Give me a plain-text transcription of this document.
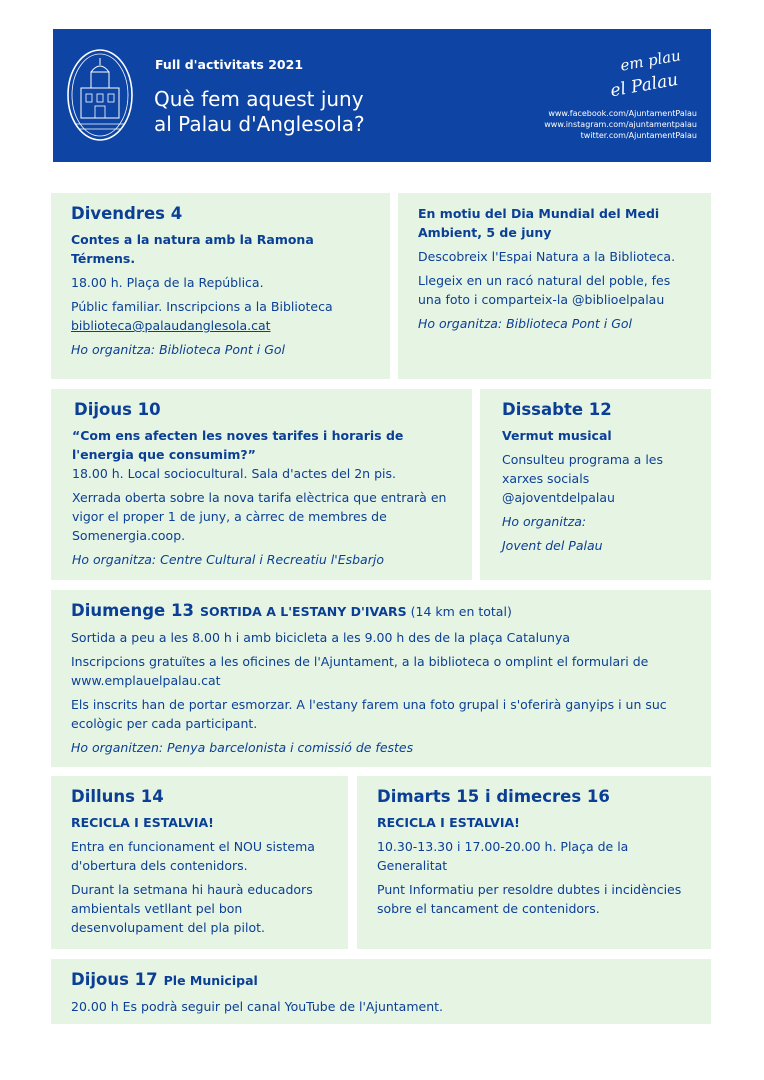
Full d'activitats 2021
Què fem aquest juny
al Palau d'Anglesola?
em plau
el Palau
www.facebook.com/AjuntamentPalau
www.instagram.com/ajuntamentpalau
twitter.com/AjuntamentPalau

Divendres 4

Contes a la natura amb la Ramona Térmens.

18.00 h. Plaça de la República.

Públic familiar. Inscripcions a la Biblioteca
biblioteca@palaudanglesola.cat

Ho organitza: Biblioteca Pont i Gol

En motiu del Dia Mundial del Medi Ambient, 5 de juny

Descobreix l'Espai Natura a la Biblioteca.

Llegeix en un racó natural del poble, fes una foto i comparteix-la @biblioelpalau

Ho organitza: Biblioteca Pont i Gol

Dijous 10

“Com ens afecten les noves tarifes i horaris de l'energia que consumim?”

18.00 h. Local sociocultural. Sala d'actes del 2n pis.

Xerrada oberta sobre la nova tarifa elèctrica que entrarà en vigor el proper 1 de juny, a càrrec de membres de Somenergia.coop.

Ho organitza: Centre Cultural i Recreatiu l'Esbarjo

Dissabte 12

Vermut musical

Consulteu programa a les xarxes socials @ajoventdelpalau

Ho organitza:

Jovent del Palau

Diumenge 13 SORTIDA A L'ESTANY D'IVARS (14 km en total)

Sortida a peu a les 8.00 h i amb bicicleta a les 9.00 h des de la plaça Catalunya

Inscripcions gratuïtes a les oficines de l'Ajuntament, a la biblioteca o omplint el formulari de www.emplauelpalau.cat

Els inscrits han de portar esmorzar. A l'estany farem una foto grupal i s'oferirà ganyips i un suc ecològic per cada participant.

Ho organitzen: Penya barcelonista i comissió de festes

Dilluns 14

RECICLA I ESTALVIA!

Entra en funcionament el NOU sistema d'obertura dels contenidors.

Durant la setmana hi haurà educadors ambientals vetllant pel bon desenvolupament del pla pilot.

Dimarts 15 i dimecres 16

RECICLA I ESTALVIA!

10.30-13.30 i 17.00-20.00 h. Plaça de la Generalitat

Punt Informatiu per resoldre dubtes i incidències sobre el tancament de contenidors.

Dijous 17 Ple Municipal

20.00 h Es podrà seguir pel canal YouTube de l'Ajuntament.
